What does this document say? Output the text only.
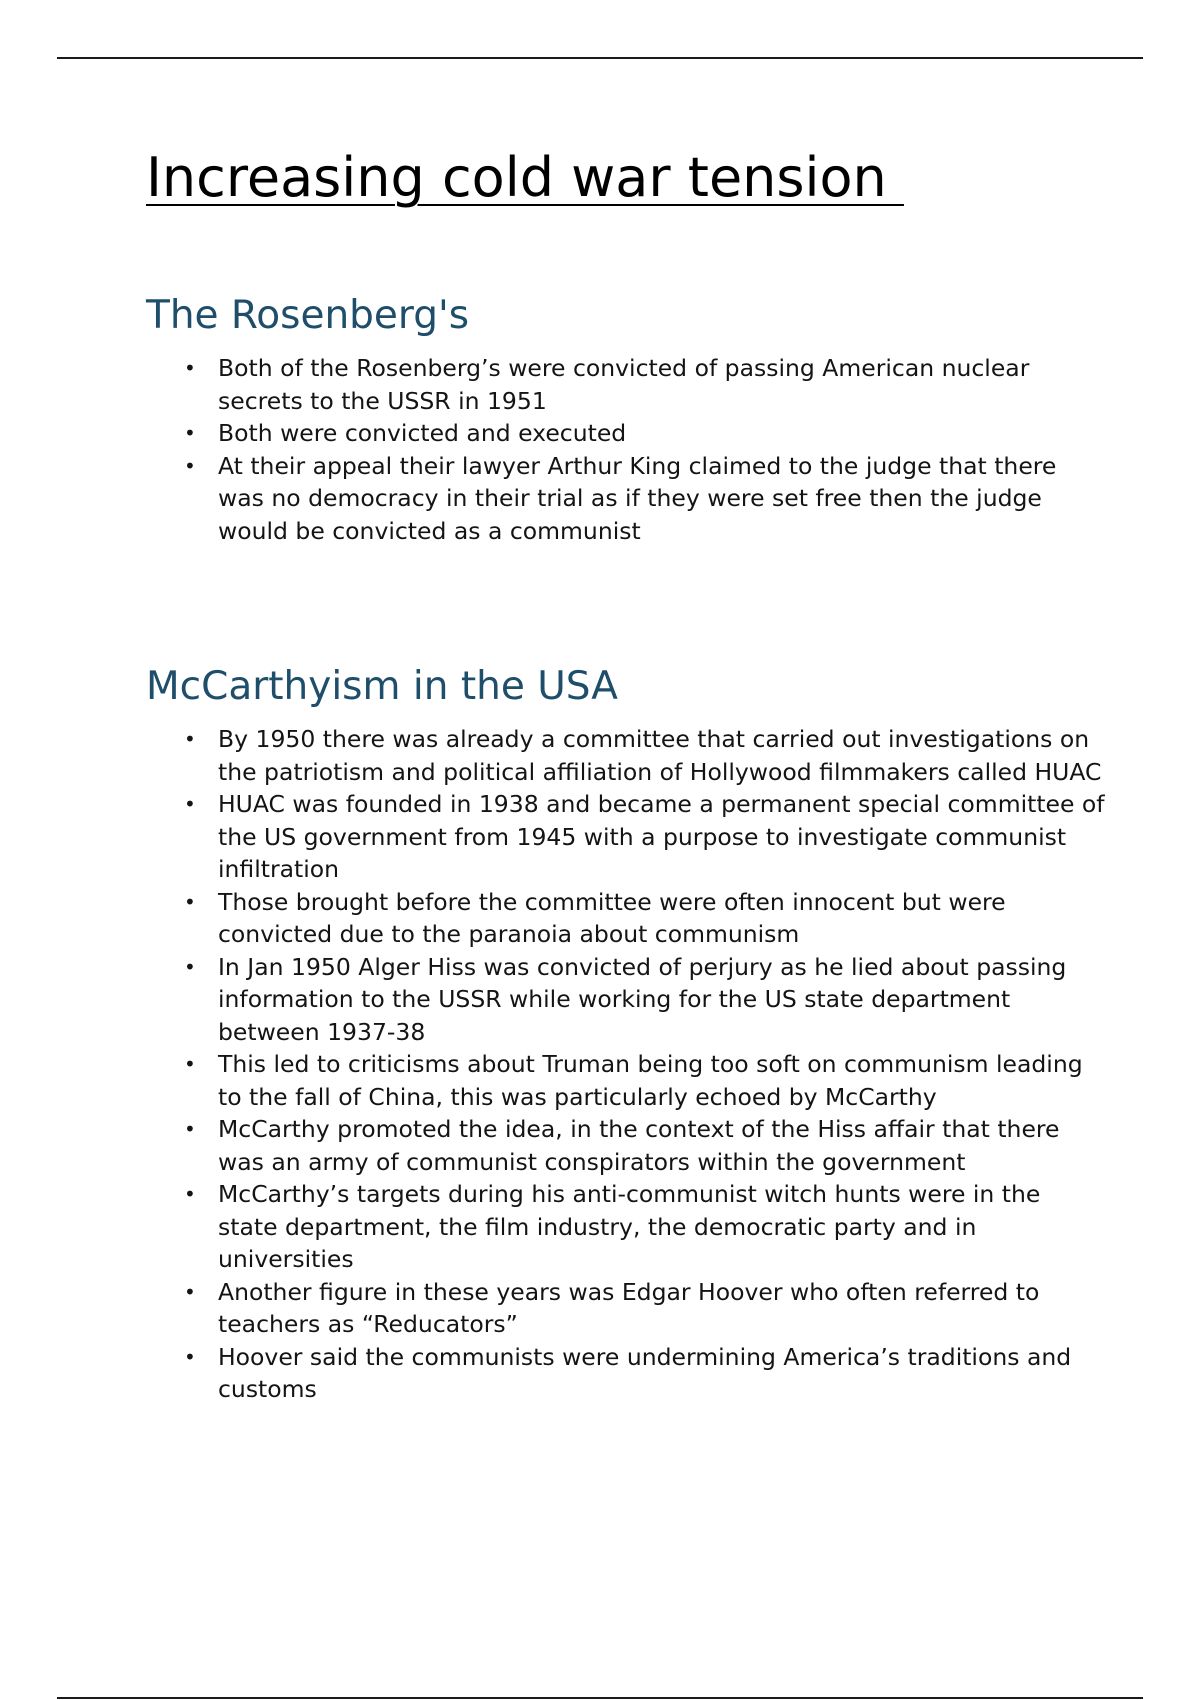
Increasing cold war tension
The Rosenberg's
• Both of the Rosenberg’s were convicted of passing American nuclear secrets to the USSR in 1951
• Both were convicted and executed
• At their appeal their lawyer Arthur King claimed to the judge that there was no democracy in their trial as if they were set free then the judge would be convicted as a communist
McCarthyism in the USA
• By 1950 there was already a committee that carried out investigations on the patriotism and political affiliation of Hollywood filmmakers called HUAC
• HUAC was founded in 1938 and became a permanent special committee of the US government from 1945 with a purpose to investigate communist infiltration
• Those brought before the committee were often innocent but were convicted due to the paranoia about communism
• In Jan 1950 Alger Hiss was convicted of perjury as he lied about passing information to the USSR while working for the US state department between 1937-38
• This led to criticisms about Truman being too soft on communism leading to the fall of China, this was particularly echoed by McCarthy
• McCarthy promoted the idea, in the context of the Hiss affair that there was an army of communist conspirators within the government
• McCarthy’s targets during his anti-communist witch hunts were in the state department, the film industry, the democratic party and in universities
• Another figure in these years was Edgar Hoover who often referred to teachers as “Reducators”
• Hoover said the communists were undermining America’s traditions and customs
